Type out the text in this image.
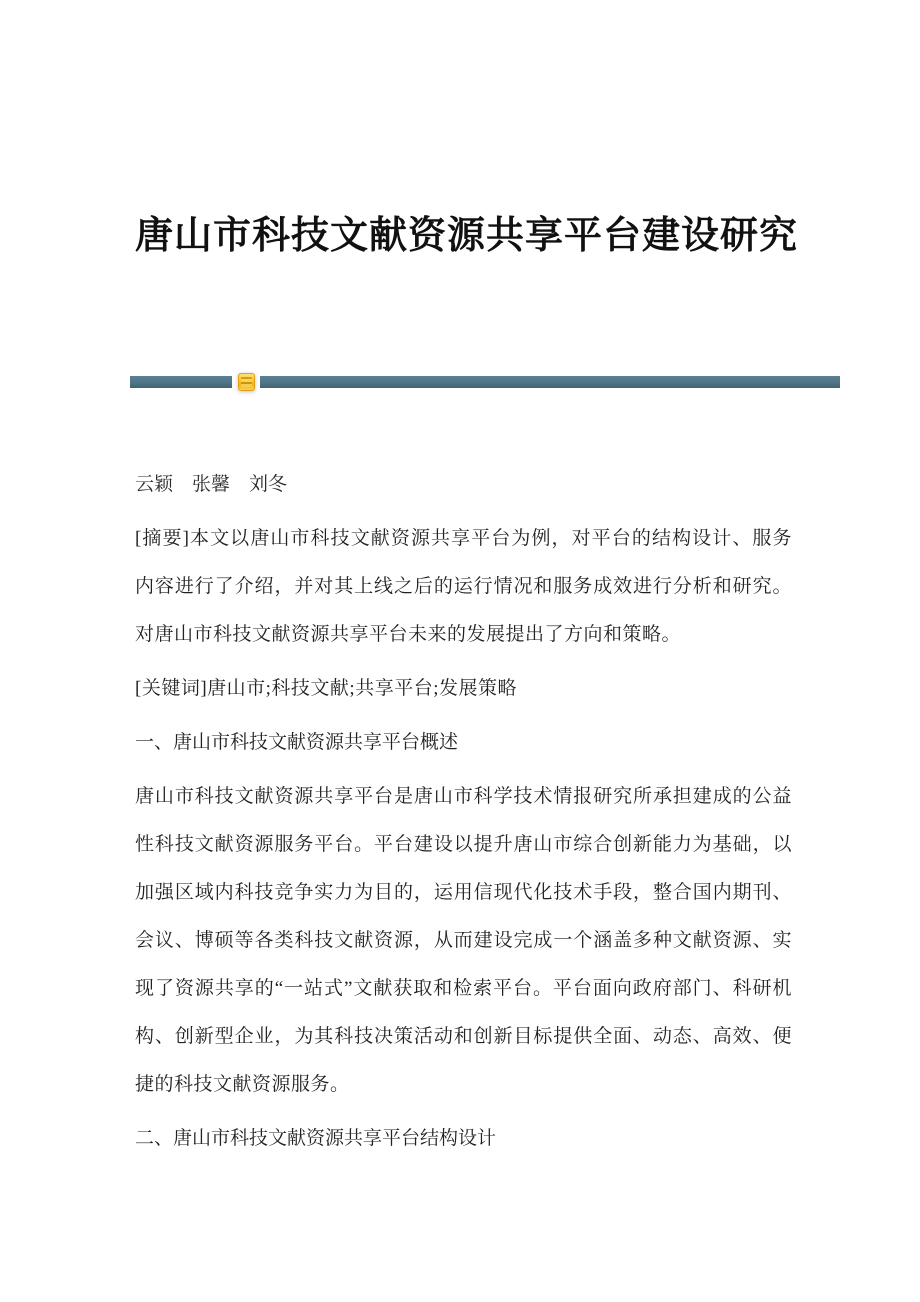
唐山市科技文献资源共享平台建设研究

云颖　张馨　刘冬

[摘要]本文以唐山市科技文献资源共享平台为例，对平台的结构设计、服务内容进行了介绍，并对其上线之后的运行情况和服务成效进行分析和研究。对唐山市科技文献资源共享平台未来的发展提出了方向和策略。

[关键词]唐山市;科技文献;共享平台;发展策略

一、唐山市科技文献资源共享平台概述

唐山市科技文献资源共享平台是唐山市科学技术情报研究所承担建成的公益性科技文献资源服务平台。平台建设以提升唐山市综合创新能力为基础，以加强区域内科技竞争实力为目的，运用信现代化技术手段，整合国内期刊、会议、博硕等各类科技文献资源，从而建设完成一个涵盖多种文献资源、实现了资源共享的“一站式”文献获取和检索平台。平台面向政府部门、科研机构、创新型企业，为其科技决策活动和创新目标提供全面、动态、高效、便捷的科技文献资源服务。

二、唐山市科技文献资源共享平台结构设计
